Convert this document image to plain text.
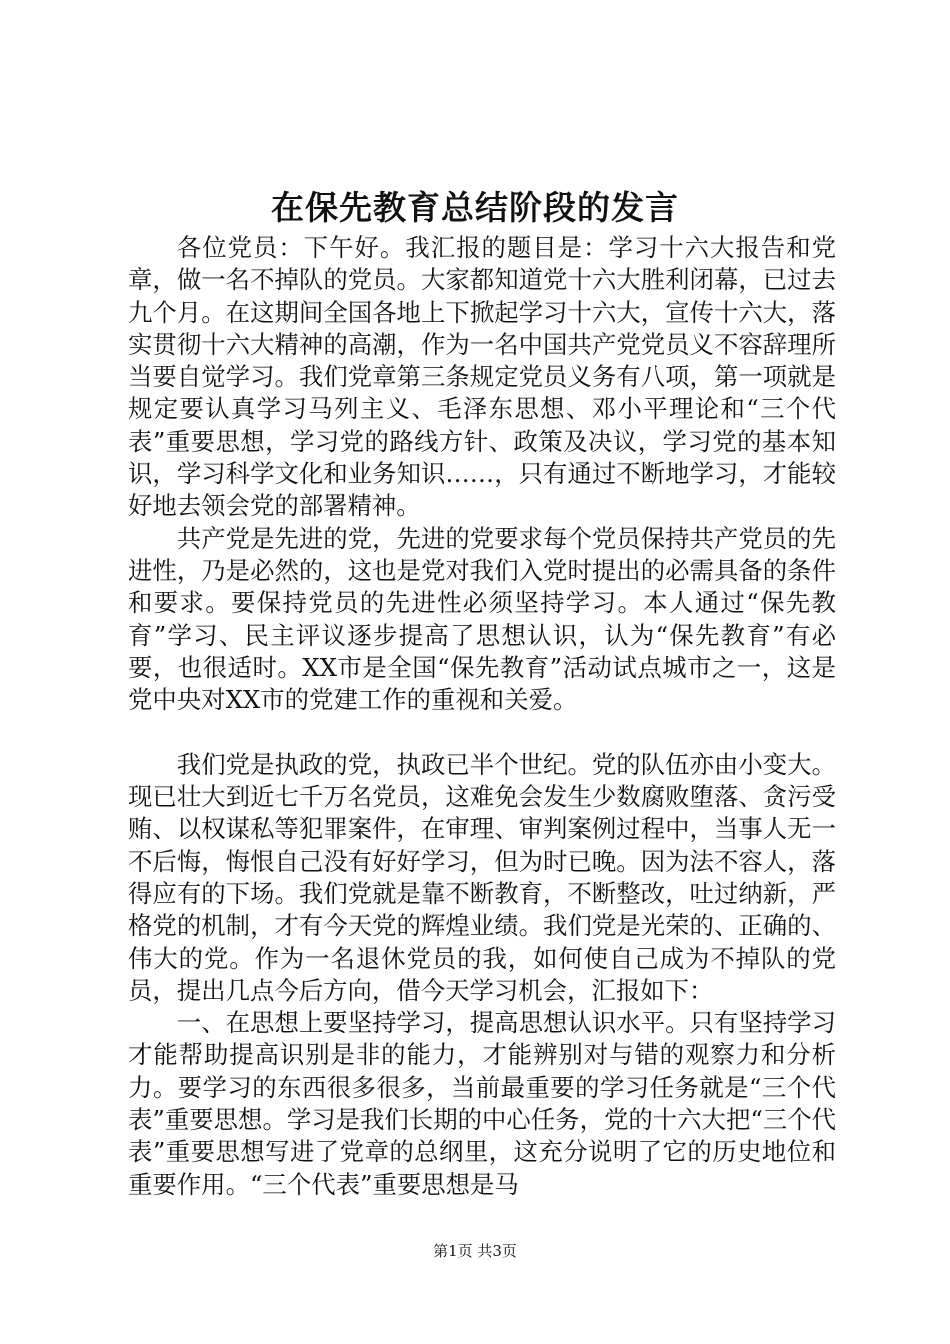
在保先教育总结阶段的发言

各位党员：下午好。我汇报的题目是：学习十六大报告和党章，做一名不掉队的党员。大家都知道党十六大胜利闭幕，已过去九个月。在这期间全国各地上下掀起学习十六大，宣传十六大，落实贯彻十六大精神的高潮，作为一名中国共产党党员义不容辞理所当要自觉学习。我们党章第三条规定党员义务有八项，第一项就是规定要认真学习马列主义、毛泽东思想、邓小平理论和“三个代表”重要思想，学习党的路线方针、政策及决议，学习党的基本知识，学习科学文化和业务知识……，只有通过不断地学习，才能较好地去领会党的部署精神。

共产党是先进的党，先进的党要求每个党员保持共产党员的先进性，乃是必然的，这也是党对我们入党时提出的必需具备的条件和要求。要保持党员的先进性必须坚持学习。本人通过“保先教育”学习、民主评议逐步提高了思想认识，认为“保先教育”有必要，也很适时。XX市是全国“保先教育”活动试点城市之一，这是党中央对XX市的党建工作的重视和关爱。

我们党是执政的党，执政已半个世纪。党的队伍亦由小变大。现已壮大到近七千万名党员，这难免会发生少数腐败堕落、贪污受贿、以权谋私等犯罪案件，在审理、审判案例过程中，当事人无一不后悔，悔恨自己没有好好学习，但为时已晚。因为法不容人，落得应有的下场。我们党就是靠不断教育，不断整改，吐过纳新，严格党的机制，才有今天党的辉煌业绩。我们党是光荣的、正确的、伟大的党。作为一名退休党员的我，如何使自己成为不掉队的党员，提出几点今后方向，借今天学习机会，汇报如下：

一、在思想上要坚持学习，提高思想认识水平。只有坚持学习才能帮助提高识别是非的能力，才能辨别对与错的观察力和分析力。要学习的东西很多很多，当前最重要的学习任务就是“三个代表”重要思想。学习是我们长期的中心任务，党的十六大把“三个代表”重要思想写进了党章的总纲里，这充分说明了它的历史地位和重要作用。“三个代表”重要思想是马

第1页 共3页
